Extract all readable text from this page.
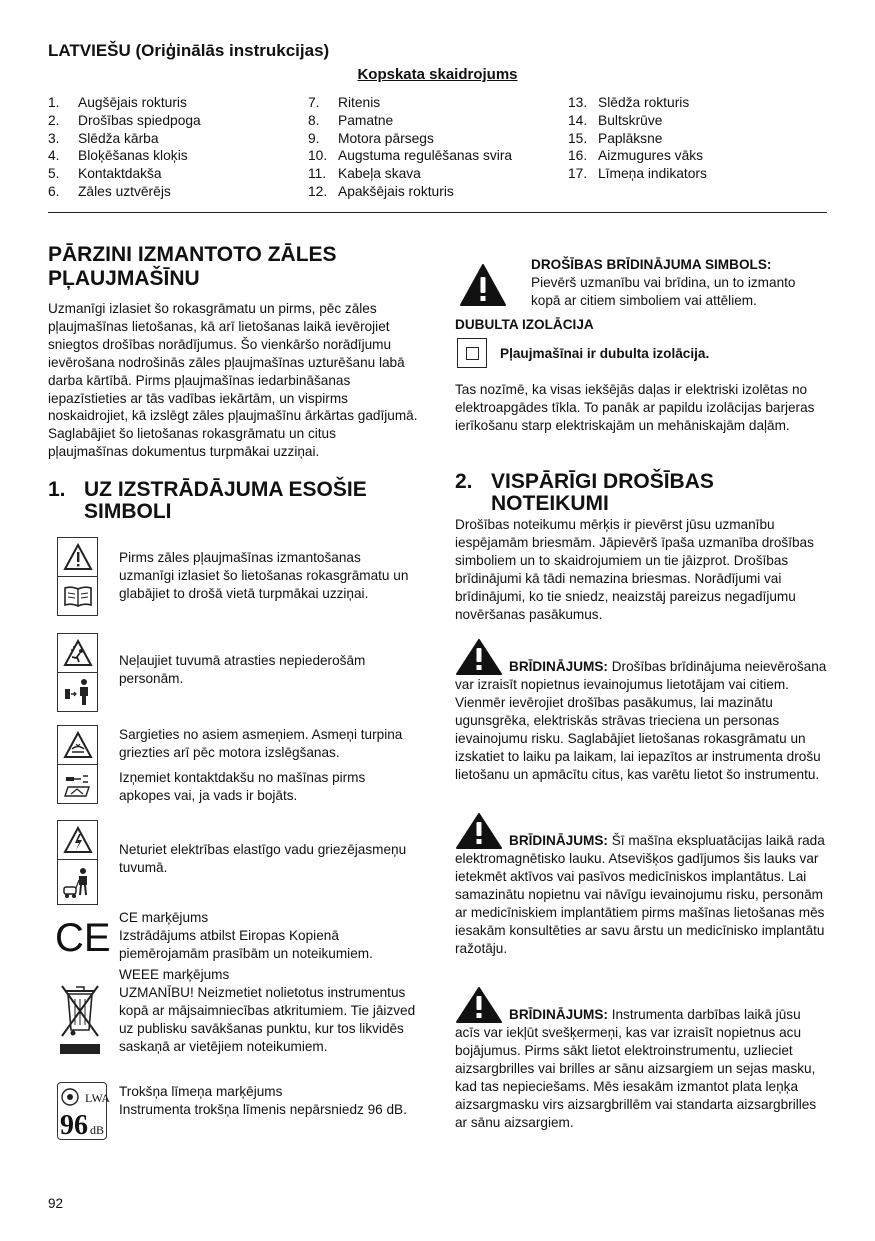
LATVIEŠU (Oriģinālās instrukcijas)
Kopskata skaidrojums
1. Augšējais rokturis
2. Drošības spiedpoga
3. Slēdža kārba
4. Bloķēšanas kloķis
5. Kontaktdakša
6. Zāles uztvērējs
7. Ritenis
8. Pamatne
9. Motora pārsegs
10. Augstuma regulēšanas svira
11. Kabeļa skava
12. Apakšējais rokturis
13. Slēdža rokturis
14. Bultskrūve
15. Paplāksne
16. Aizmugures vāks
17. Līmeņa indikators
PĀRZINI IZMANTOTO ZĀLES
PĻAUJMAŠĪNU
Uzmanīgi izlasiet šo rokasgrāmatu un pirms, pēc zāles pļaujmašīnas lietošanas, kā arī lietošanas laikā ievērojiet sniegtos drošības norādījumus. Šo vienkāršo norādījumu ievērošana nodrošinās zāles pļaujmašīnas uzturēšanu labā darba kārtībā. Pirms pļaujmašīnas iedarbināšanas iepazīstieties ar tās vadības iekārtām, un vispirms noskaidrojiet, kā izslēgt zāles pļaujmašīnu ārkārtas gadījumā. Saglabājiet šo lietošanas rokasgrāmatu un citus pļaujmašīnas dokumentus turpmākai uzziņai.
1. UZ IZSTRĀDĀJUMA ESOŠIE
SIMBOLI
Pirms zāles pļaujmašīnas izmantošanas uzmanīgi izlasiet šo lietošanas rokasgrāmatu un glabājiet to drošā vietā turpmākai uzziņai.
Neļaujiet tuvumā atrasties nepiederošām personām.
Sargieties no asiem asmeņiem. Asmeņi turpina griezties arī pēc motora izslēgšanas.
Izņemiet kontaktdakšu no mašīnas pirms apkopes vai, ja vads ir bojāts.
Neturiet elektrības elastīgo vadu griezējasmeņu tuvumā.
CE CE marķējums
Izstrādājums atbilst Eiropas Kopienā piemērojamām prasībām un noteikumiem.
WEEE marķējums
UZMANĪBU! Neizmetiet nolietotus instrumentus kopā ar mājsaimniecības atkritumiem. Tie jāizved uz publisku savākšanas punktu, kur tos likvidēs saskaņā ar vietējiem noteikumiem.
LWA
96 dB
Trokšņa līmeņa marķējums
Instrumenta trokšņa līmenis nepārsniedz 96 dB.
DROŠĪBAS BRĪDINĀJUMA SIMBOLS:
Pievērš uzmanību vai brīdina, un to izmanto kopā ar citiem simboliem vai attēliem.
DUBULTA IZOLĀCIJA
Pļaujmašīnai ir dubulta izolācija.
Tas nozīmē, ka visas iekšējās daļas ir elektriski izolētas no elektroapgādes tīkla. To panāk ar papildu izolācijas barjeras ierīkošanu starp elektriskajām un mehāniskajām daļām.
2. VISPĀRĪGI DROŠĪBAS
NOTEIKUMI
Drošības noteikumu mērķis ir pievērst jūsu uzmanību iespējamām briesmām. Jāpievērš īpaša uzmanība drošības simboliem un to skaidrojumiem un tie jāizprot. Drošības brīdinājumi kā tādi nemazina briesmas. Norādījumi vai brīdinājumi, ko tie sniedz, neaizstāj pareizus negadījumu novēršanas pasākumus.
BRĪDINĀJUMS: Drošības brīdinājuma neievērošana var izraisīt nopietnus ievainojumus lietotājam vai citiem. Vienmēr ievērojiet drošības pasākumus, lai mazinātu ugunsgrēka, elektriskās strāvas trieciena un personas ievainojumu risku. Saglabājiet lietošanas rokasgrāmatu un izskatiet to laiku pa laikam, lai iepazītos ar instrumenta drošu lietošanu un apmācītu citus, kas varētu lietot šo instrumentu.
BRĪDINĀJUMS: Šī mašīna ekspluatācijas laikā rada elektromagnētisko lauku. Atsevišķos gadījumos šis lauks var ietekmēt aktīvos vai pasīvos medicīniskos implantātus. Lai samazinātu nopietnu vai nāvīgu ievainojumu risku, personām ar medicīniskiem implantātiem pirms mašīnas lietošanas mēs iesakām konsultēties ar savu ārstu un medicīnisko implantātu ražotāju.
BRĪDINĀJUMS: Instrumenta darbības laikā jūsu acīs var iekļūt svešķermeņi, kas var izraisīt nopietnus acu bojājumus. Pirms sākt lietot elektroinstrumentu, uzlieciet aizsargbrilles vai brilles ar sānu aizsargiem un sejas masku, kad tas nepieciešams. Mēs iesakām izmantot plata leņķa aizsargmasku virs aizsargbrillēm vai standarta aizsargbrilles ar sānu aizsargiem.
92
